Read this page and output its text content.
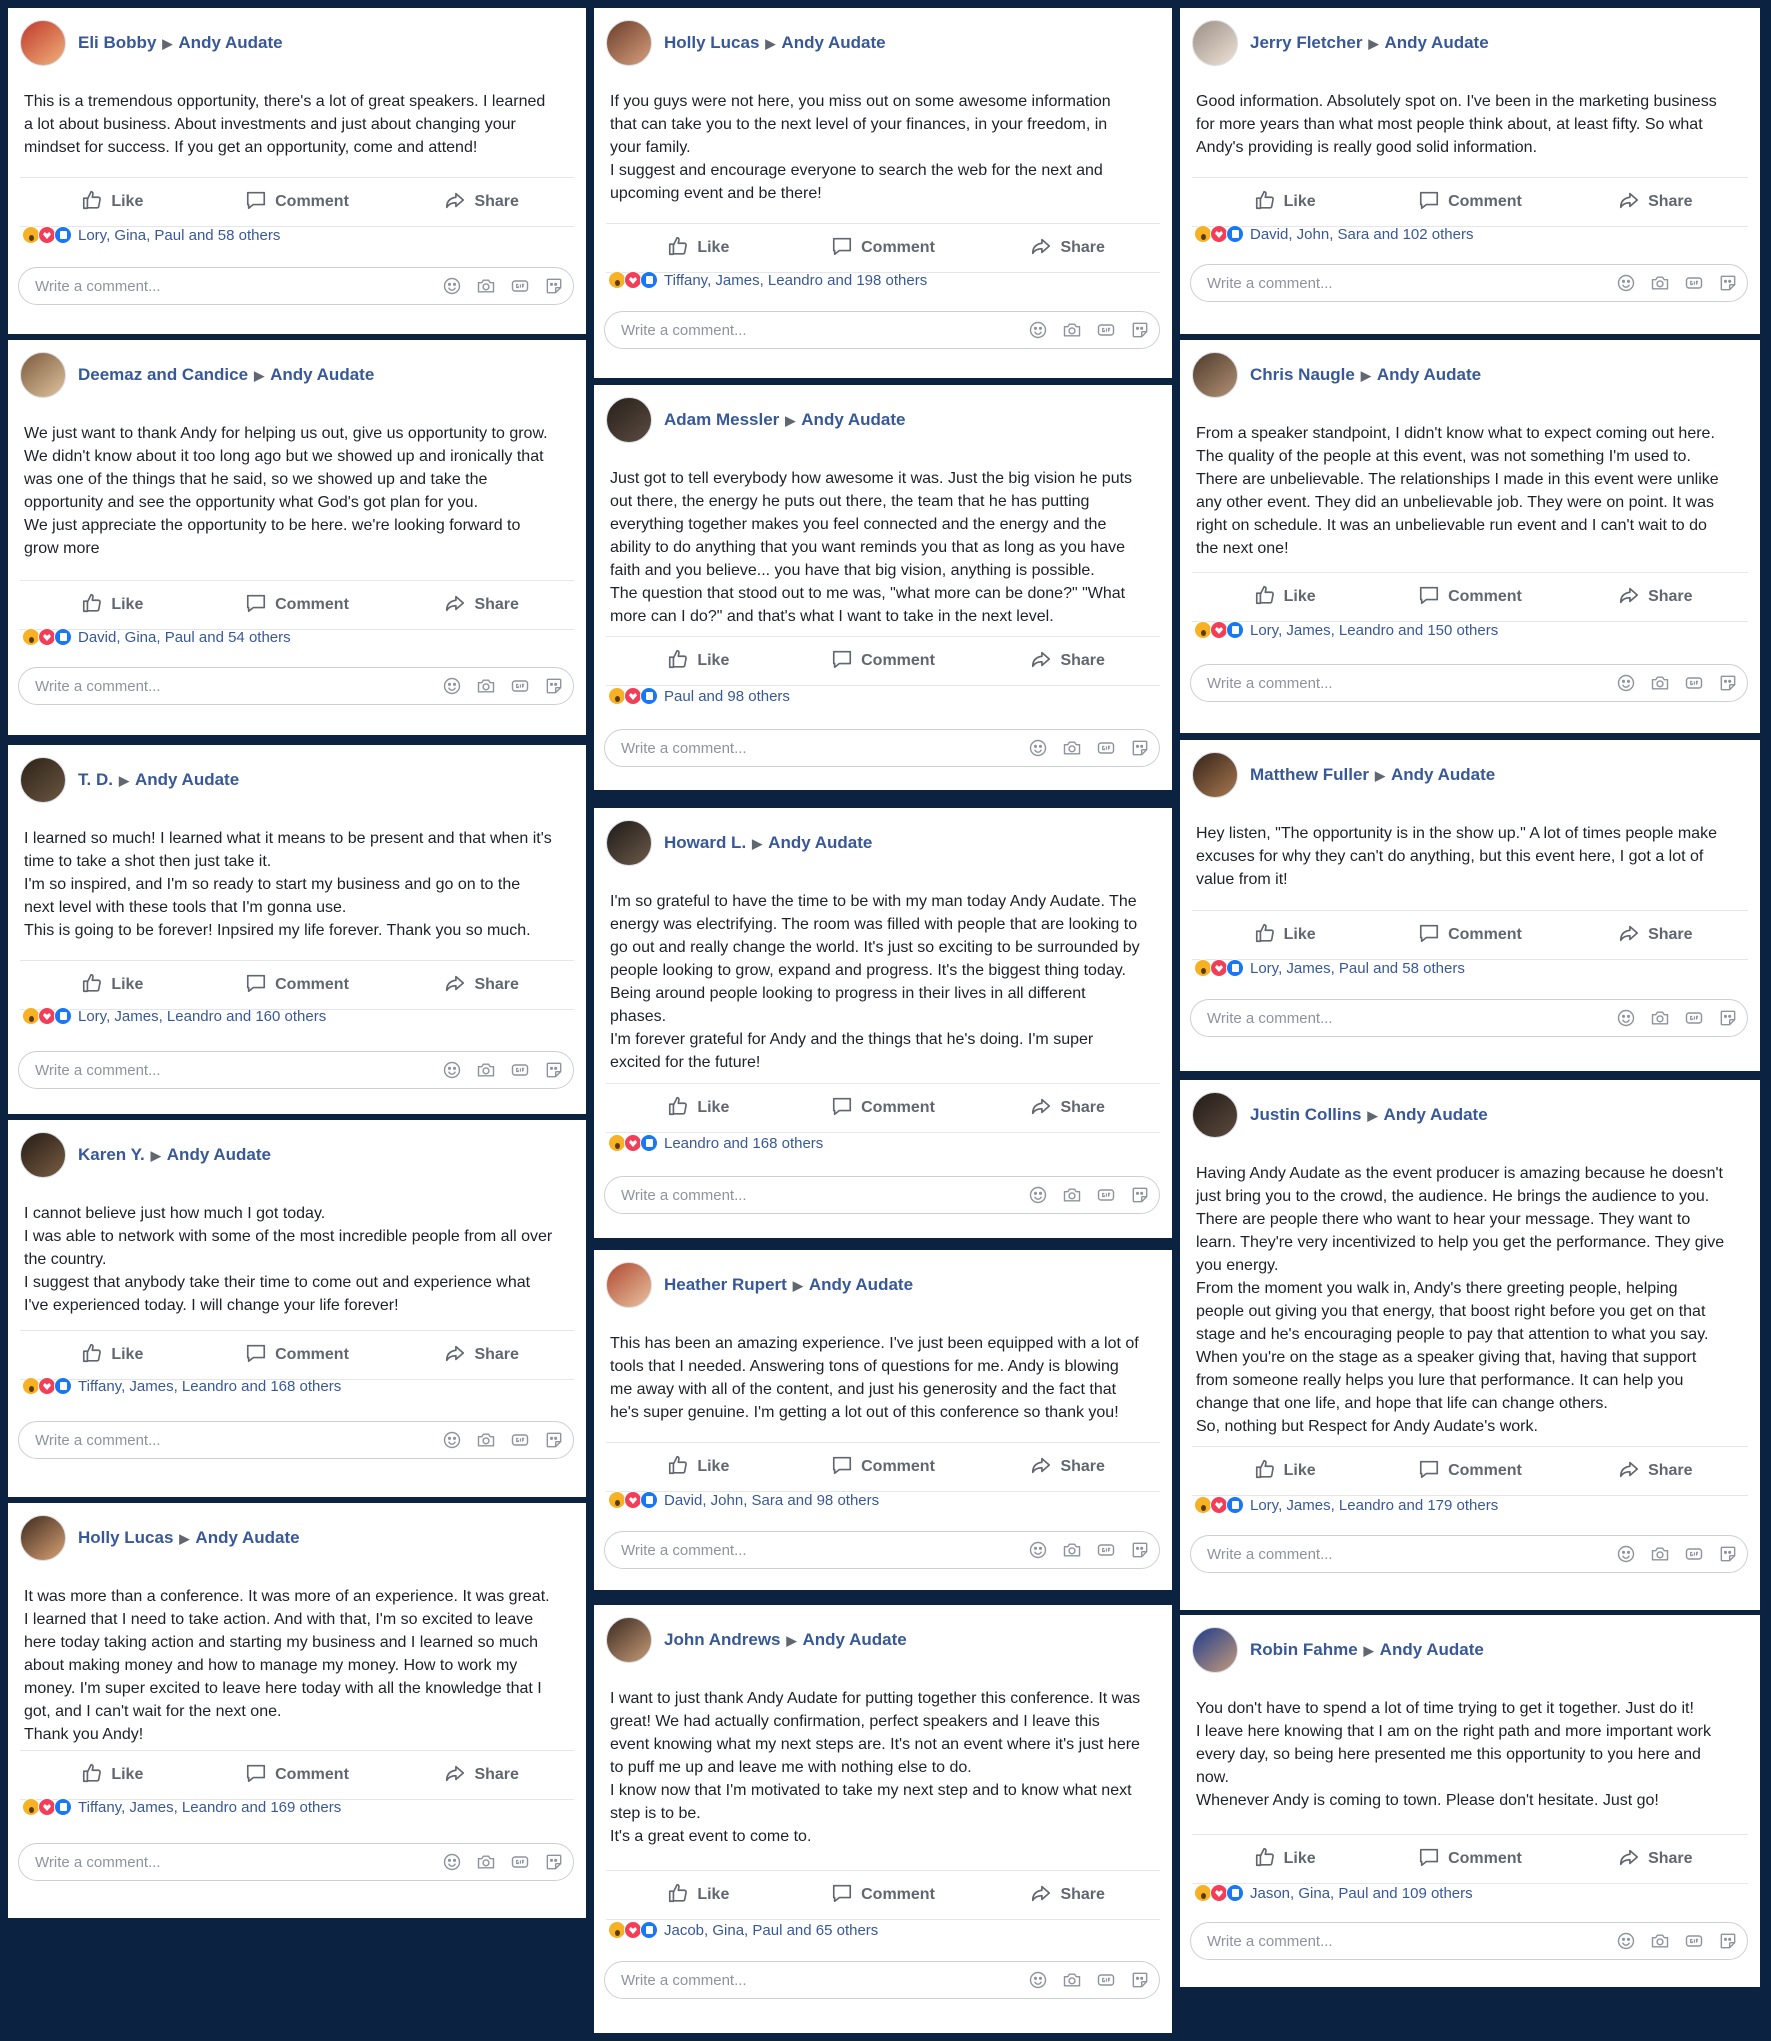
Eli Bobby ▶ Andy Audate
This is a tremendous opportunity, there's a lot of great speakers. I learned
a lot about business. About investments and just about changing your
mindset for success. If you get an opportunity, come and attend!
Like	Comment	Share
Lory, Gina, Paul and 58 others
Write a comment...
Deemaz and Candice ▶ Andy Audate
We just want to thank Andy for helping us out, give us opportunity to grow.
We didn't know about it too long ago but we showed up and ironically that
was one of the things that he said, so we showed up and take the
opportunity and see the opportunity what God's got plan for you.
We just appreciate the opportunity to be here. we're looking forward to
grow more
Like	Comment	Share
David, Gina, Paul and 54 others
Write a comment...
T. D. ▶ Andy Audate
I learned so much! I learned what it means to be present and that when it's
time to take a shot then just take it.
I'm so inspired, and I'm so ready to start my business and go on to the
next level with these tools that I'm gonna use.
This is going to be forever! Inpsired my life forever. Thank you so much.
Like	Comment	Share
Lory, James, Leandro and 160 others
Write a comment...
Karen Y. ▶ Andy Audate
I cannot believe just how much I got today.
I was able to network with some of the most incredible people from all over
the country.
I suggest that anybody take their time to come out and experience what
I've experienced today. I will change your life forever!
Like	Comment	Share
Tiffany, James, Leandro and 168 others
Write a comment...
Holly Lucas ▶ Andy Audate
It was more than a conference. It was more of an experience. It was great.
I learned that I need to take action. And with that, I'm so excited to leave
here today taking action and starting my business and I learned so much
about making money and how to manage my money. How to work my
money. I'm super excited to leave here today with all the knowledge that I
got, and I can't wait for the next one.
Thank you Andy!
Like	Comment	Share
Tiffany, James, Leandro and 169 others
Write a comment...
Holly Lucas ▶ Andy Audate
If you guys were not here, you miss out on some awesome information
that can take you to the next level of your finances, in your freedom, in
your family.
I suggest and encourage everyone to search the web for the next and
upcoming event and be there!
Like	Comment	Share
Tiffany, James, Leandro and 198 others
Write a comment...
Adam Messler ▶ Andy Audate
Just got to tell everybody how awesome it was. Just the big vision he puts
out there, the energy he puts out there, the team that he has putting
everything together makes you feel connected and the energy and the
ability to do anything that you want reminds you that as long as you have
faith and you believe... you have that big vision, anything is possible.
The question that stood out to me was, "what more can be done?" "What
more can I do?" and that's what I want to take in the next level.
Like	Comment	Share
Paul and 98 others
Write a comment...
Howard L. ▶ Andy Audate
I'm so grateful to have the time to be with my man today Andy Audate. The
energy was electrifying. The room was filled with people that are looking to
go out and really change the world. It's just so exciting to be surrounded by
people looking to grow, expand and progress. It's the biggest thing today.
Being around people looking to progress in their lives in all different
phases.
I'm forever grateful for Andy and the things that he's doing. I'm super
excited for the future!
Like	Comment	Share
Leandro and 168 others
Write a comment...
Heather Rupert ▶ Andy Audate
This has been an amazing experience. I've just been equipped with a lot of
tools that I needed. Answering tons of questions for me. Andy is blowing
me away with all of the content, and just his generosity and the fact that
he's super genuine. I'm getting a lot out of this conference so thank you!
Like	Comment	Share
David, John, Sara and 98 others
Write a comment...
John Andrews ▶ Andy Audate
I want to just thank Andy Audate for putting together this conference. It was
great! We had actually confirmation, perfect speakers and I leave this
event knowing what my next steps are. It's not an event where it's just here
to puff me up and leave me with nothing else to do.
I know now that I'm motivated to take my next step and to know what next
step is to be.
It's a great event to come to.
Like	Comment	Share
Jacob, Gina, Paul and 65 others
Write a comment...
Jerry Fletcher ▶ Andy Audate
Good information. Absolutely spot on. I've been in the marketing business
for more years than what most people think about, at least fifty. So what
Andy's providing is really good solid information.
Like	Comment	Share
David, John, Sara and 102 others
Write a comment...
Chris Naugle ▶ Andy Audate
From a speaker standpoint, I didn't know what to expect coming out here.
The quality of the people at this event, was not something I'm used to.
There are unbelievable. The relationships I made in this event were unlike
any other event. They did an unbelievable job. They were on point. It was
right on schedule. It was an unbelievable run event and I can't wait to do
the next one!
Like	Comment	Share
Lory, James, Leandro and 150 others
Write a comment...
Matthew Fuller ▶ Andy Audate
Hey listen, "The opportunity is in the show up." A lot of times people make
excuses for why they can't do anything, but this event here, I got a lot of
value from it!
Like	Comment	Share
Lory, James, Paul and 58 others
Write a comment...
Justin Collins ▶ Andy Audate
Having Andy Audate as the event producer is amazing because he doesn't
just bring you to the crowd, the audience. He brings the audience to you.
There are people there who want to hear your message. They want to
learn. They're very incentivized to help you get the performance. They give
you energy.
From the moment you walk in, Andy's there greeting people, helping
people out giving you that energy, that boost right before you get on that
stage and he's encouraging people to pay that attention to what you say.
When you're on the stage as a speaker giving that, having that support
from someone really helps you lure that performance. It can help you
change that one life, and hope that life can change others.
So, nothing but Respect for Andy Audate's work.
Like	Comment	Share
Lory, James, Leandro and 179 others
Write a comment...
Robin Fahme ▶ Andy Audate
You don't have to spend a lot of time trying to get it together. Just do it!
I leave here knowing that I am on the right path and more important work
every day, so being here presented me this opportunity to you here and
now.
Whenever Andy is coming to town. Please don't hesitate. Just go!
Like	Comment	Share
Jason, Gina, Paul and 109 others
Write a comment...
